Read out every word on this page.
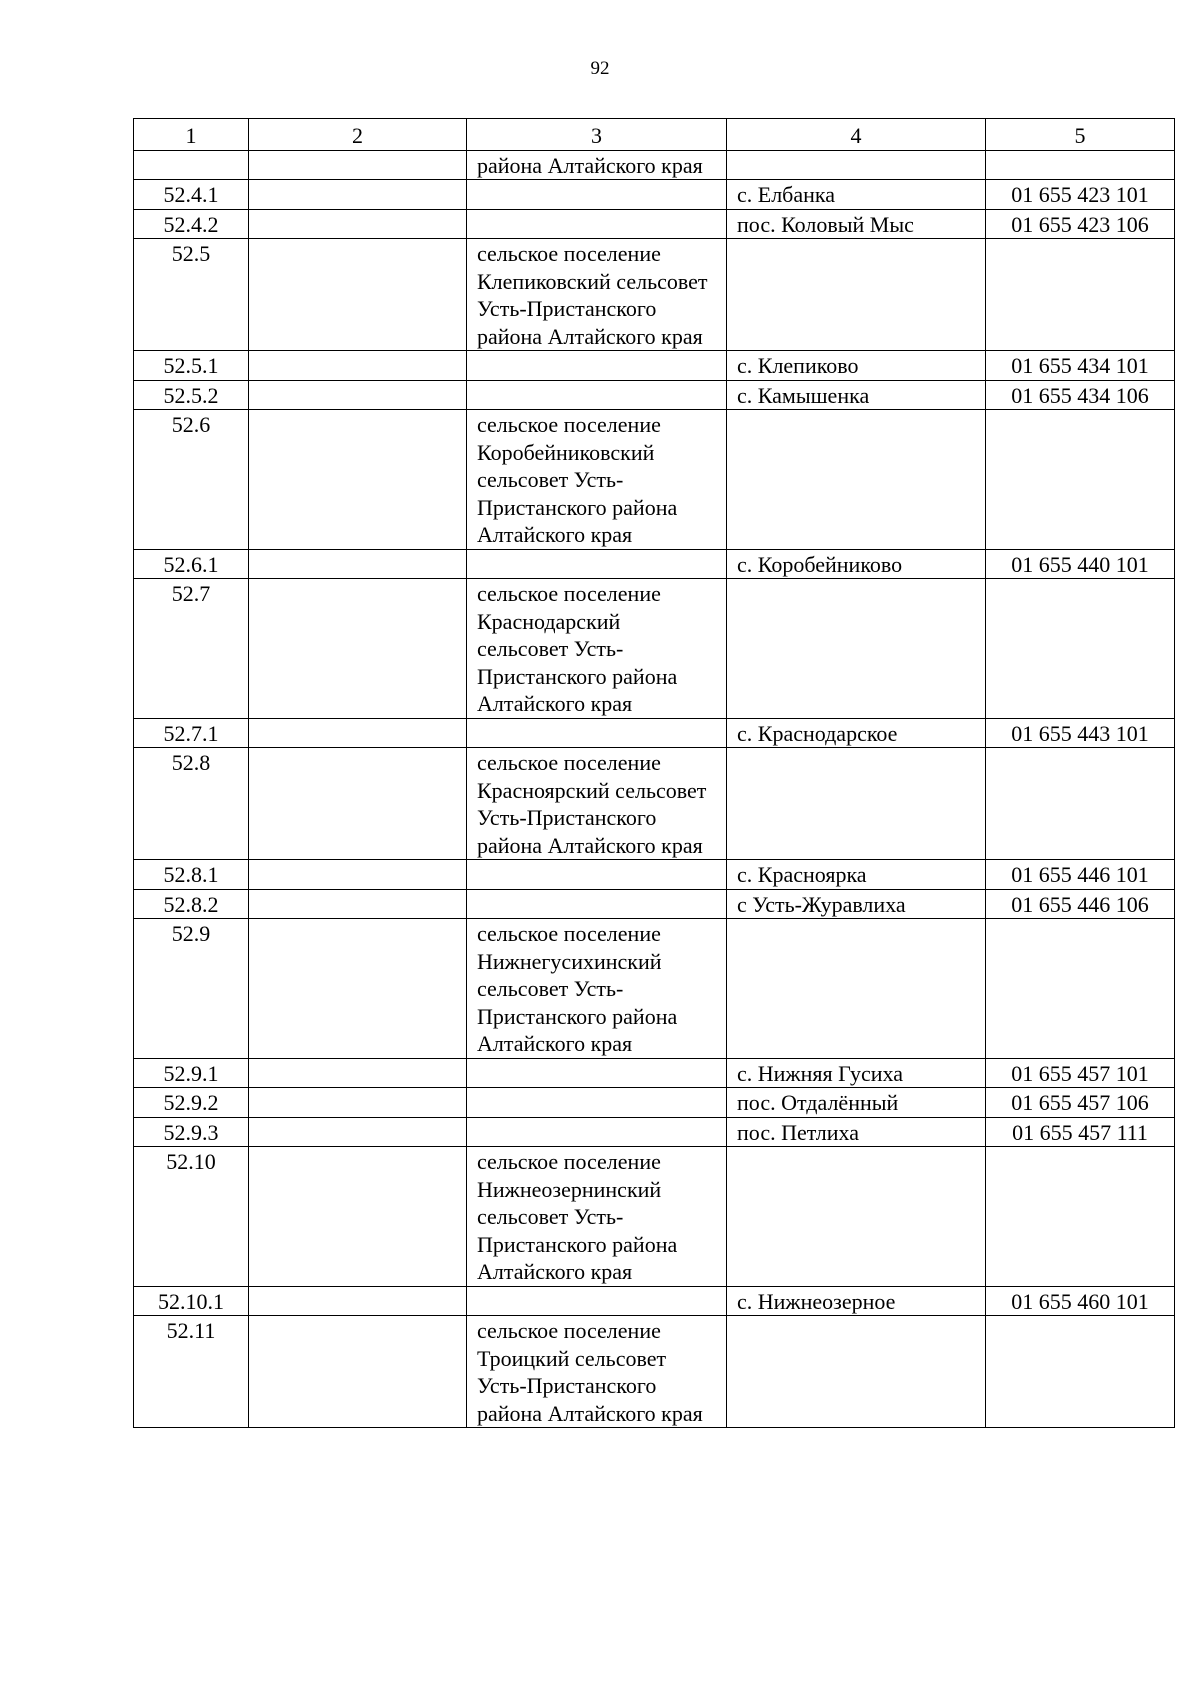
92
1	2	3	4	5
		района Алтайского края		
52.4.1			с. Елбанка	01 655 423 101
52.4.2			пос. Коловый Мыс	01 655 423 106
52.5		сельское поселение Клепиковский сельсовет Усть-Пристанского района Алтайского края		
52.5.1			с. Клепиково	01 655 434 101
52.5.2			с. Камышенка	01 655 434 106
52.6		сельское поселение Коробейниковский сельсовет Усть-Пристанского района Алтайского края		
52.6.1			с. Коробейниково	01 655 440 101
52.7		сельское поселение Краснодарский сельсовет Усть-Пристанского района Алтайского края		
52.7.1			с. Краснодарское	01 655 443 101
52.8		сельское поселение Красноярский сельсовет Усть-Пристанского района Алтайского края		
52.8.1			с. Красноярка	01 655 446 101
52.8.2			с Усть-Журавлиха	01 655 446 106
52.9		сельское поселение Нижнегусихинский сельсовет Усть-Пристанского района Алтайского края		
52.9.1			с. Нижняя Гусиха	01 655 457 101
52.9.2			пос. Отдалённый	01 655 457 106
52.9.3			пос. Петлиха	01 655 457 111
52.10		сельское поселение Нижнеозернинский сельсовет Усть-Пристанского района Алтайского края		
52.10.1			с. Нижнеозерное	01 655 460 101
52.11		сельское поселение Троицкий сельсовет Усть-Пристанского района Алтайского края		
